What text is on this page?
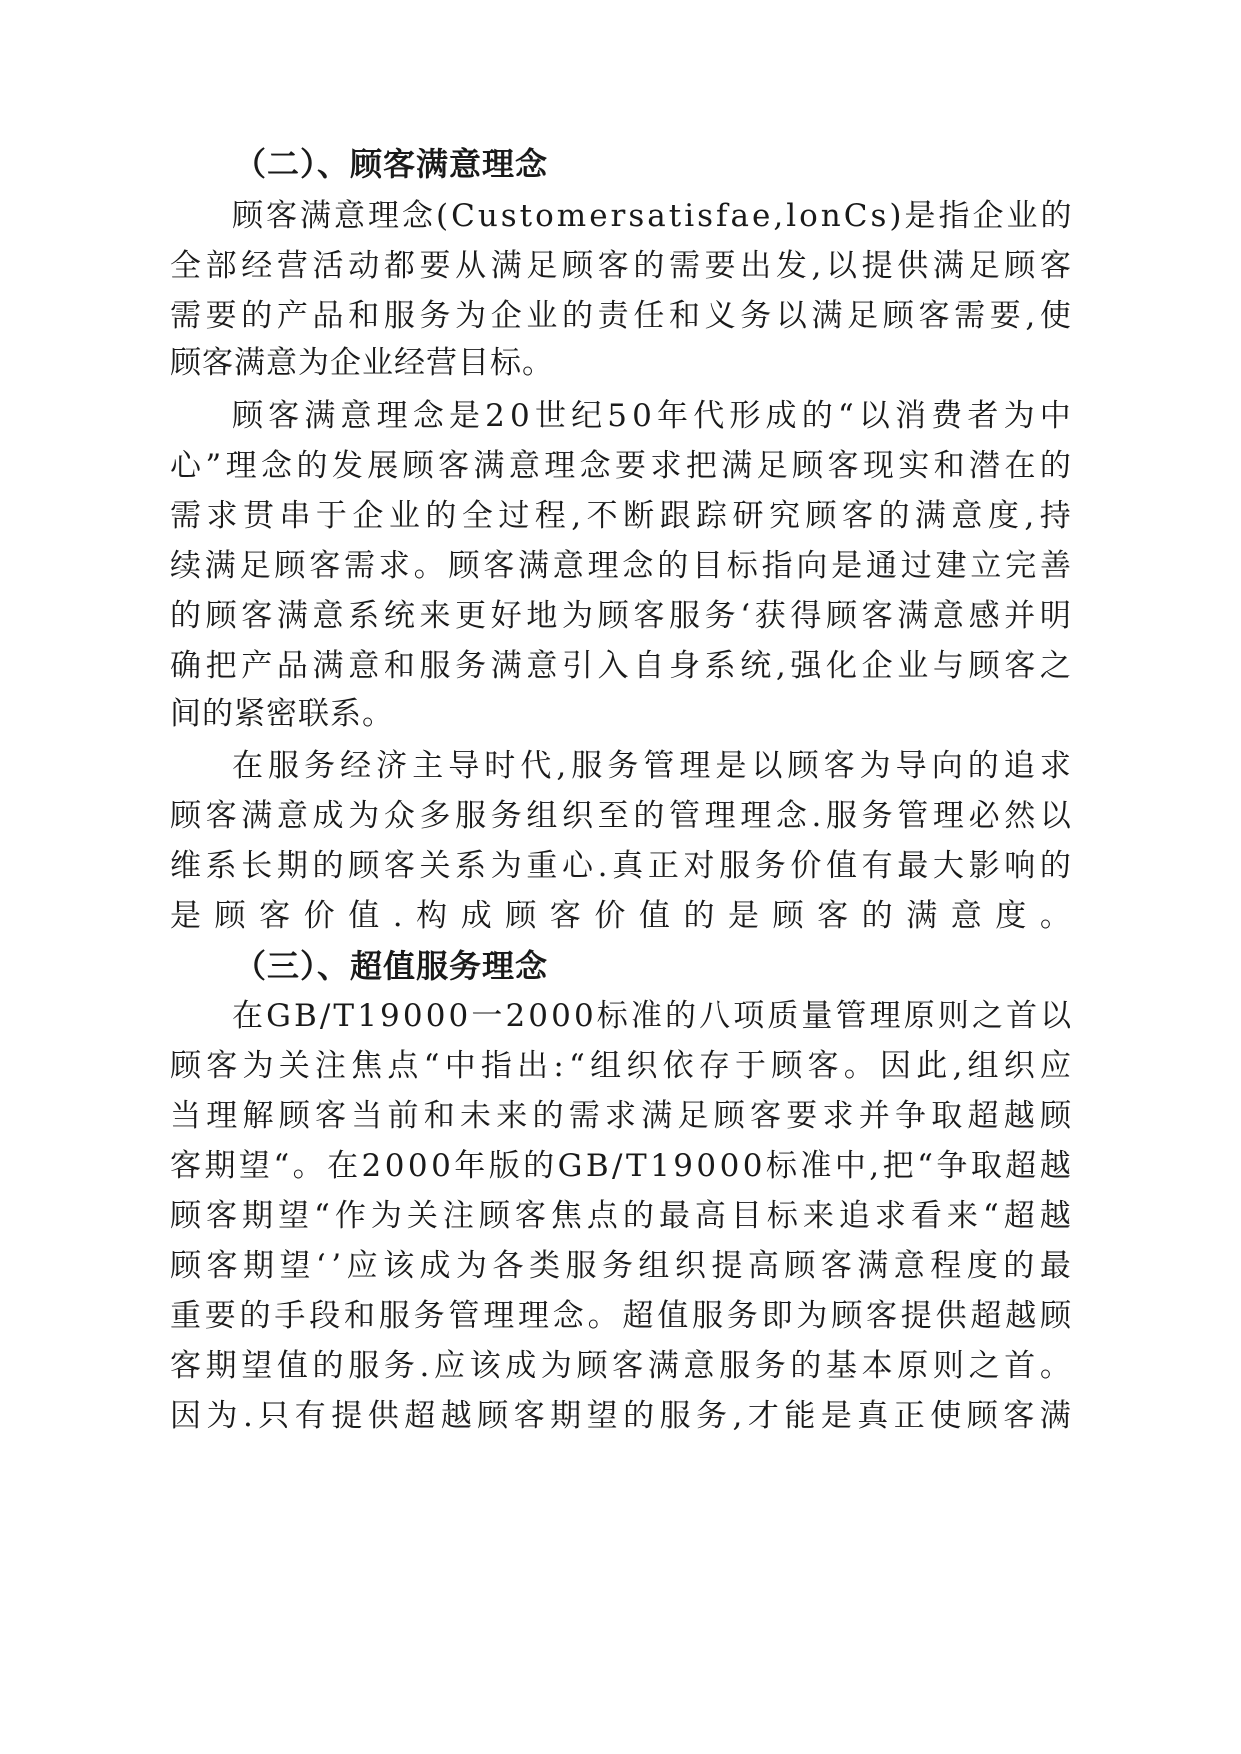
（二）、顾客满意理念
顾客满意理念(Customersatisfae,lonCs)是指企业的
全部经营活动都要从满足顾客的需要出发,以提供满足顾客
需要的产品和服务为企业的责任和义务以满足顾客需要,使
顾客满意为企业经营目标。
顾客满意理念是20世纪50年代形成的“以消费者为中
心”理念的发展顾客满意理念要求把满足顾客现实和潜在的
需求贯串于企业的全过程,不断跟踪研究顾客的满意度,持
续满足顾客需求。顾客满意理念的目标指向是通过建立完善
的顾客满意系统来更好地为顾客服务‘获得顾客满意感并明
确把产品满意和服务满意引入自身系统,强化企业与顾客之
间的紧密联系。
在服务经济主导时代,服务管理是以顾客为导向的追求
顾客满意成为众多服务组织至的管理理念.服务管理必然以
维系长期的顾客关系为重心.真正对服务价值有最大影响的
是顾客价值.构成顾客价值的是顾客的满意度。
（三）、超值服务理念
在GB/T19000一2000标准的八项质量管理原则之首以
顾客为关注焦点“中指出:“组织依存于顾客。因此,组织应
当理解顾客当前和未来的需求满足顾客要求并争取超越顾
客期望“。在2000年版的GB/T19000标准中,把“争取超越
顾客期望“作为关注顾客焦点的最高目标来追求看来“超越
顾客期望‘’应该成为各类服务组织提高顾客满意程度的最
重要的手段和服务管理理念。超值服务即为顾客提供超越顾
客期望值的服务.应该成为顾客满意服务的基本原则之首。
因为.只有提供超越顾客期望的服务,才能是真正使顾客满
